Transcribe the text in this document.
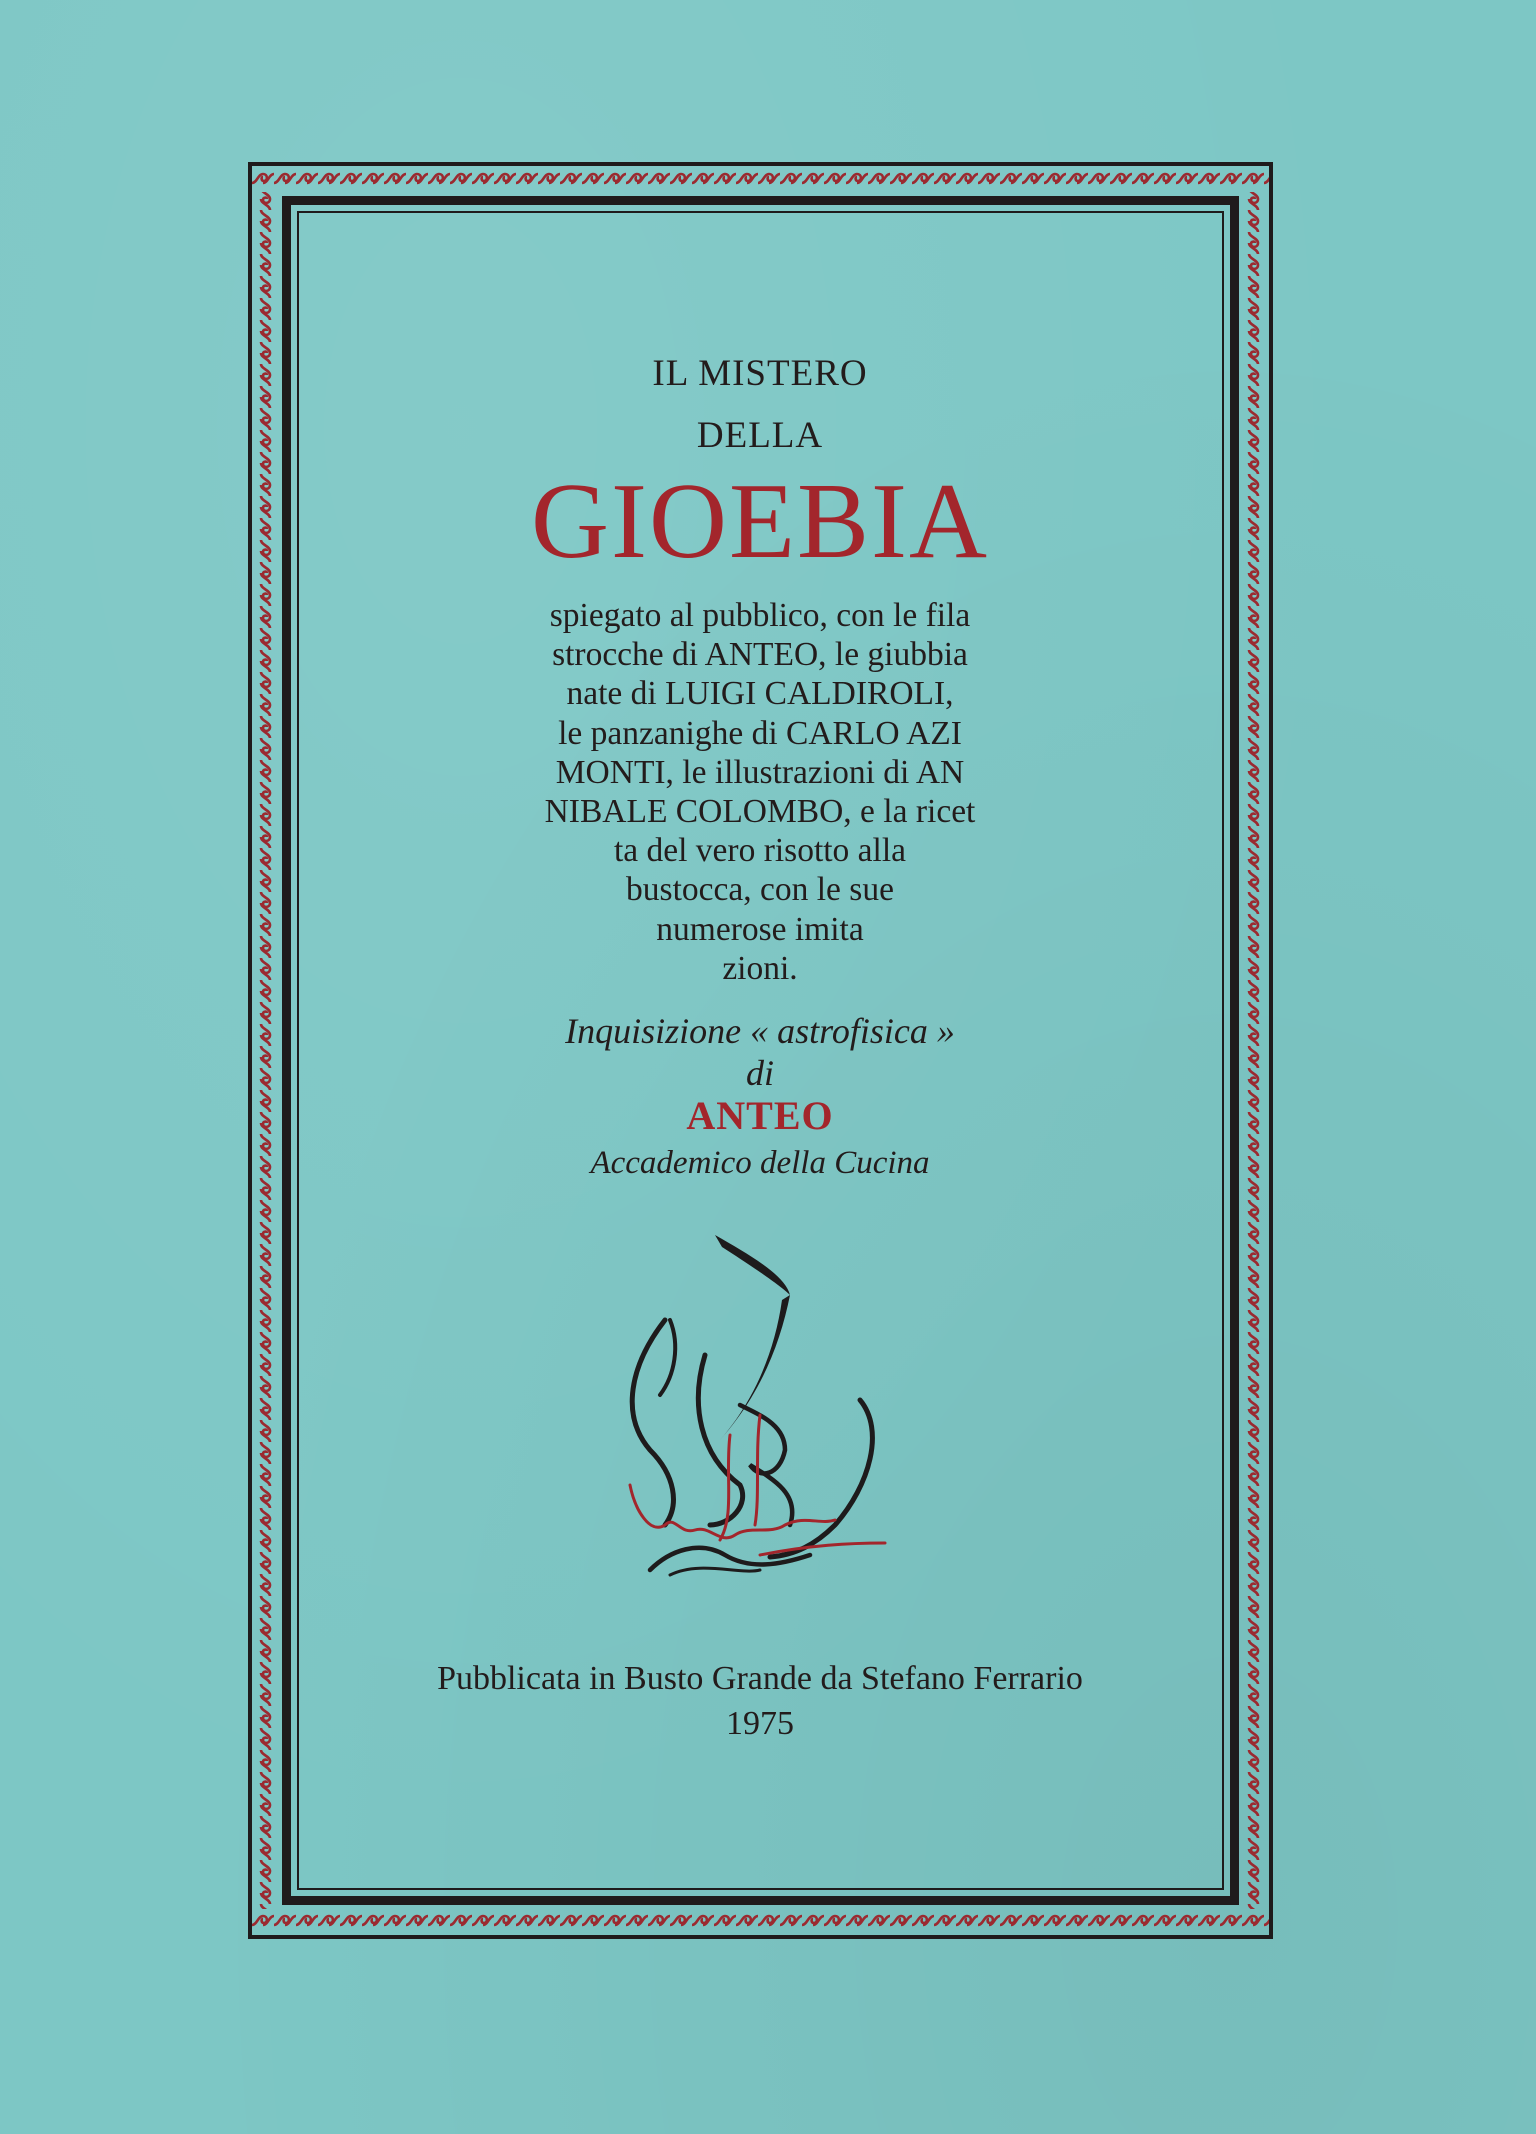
IL MISTERO
DELLA
GIOEBIA
spiegato al pubblico, con le fila
strocche di ANTEO, le giubbia
nate di LUIGI CALDIROLI,
le panzanighe di CARLO AZI
MONTI, le illustrazioni di AN
NIBALE COLOMBO, e la ricet
ta del vero risotto alla
bustocca, con le sue
numerose imita
zioni.
Inquisizione « astrofisica »
di
ANTEO
Accademico della Cucina
Pubblicata in Busto Grande da Stefano Ferrario
1975
